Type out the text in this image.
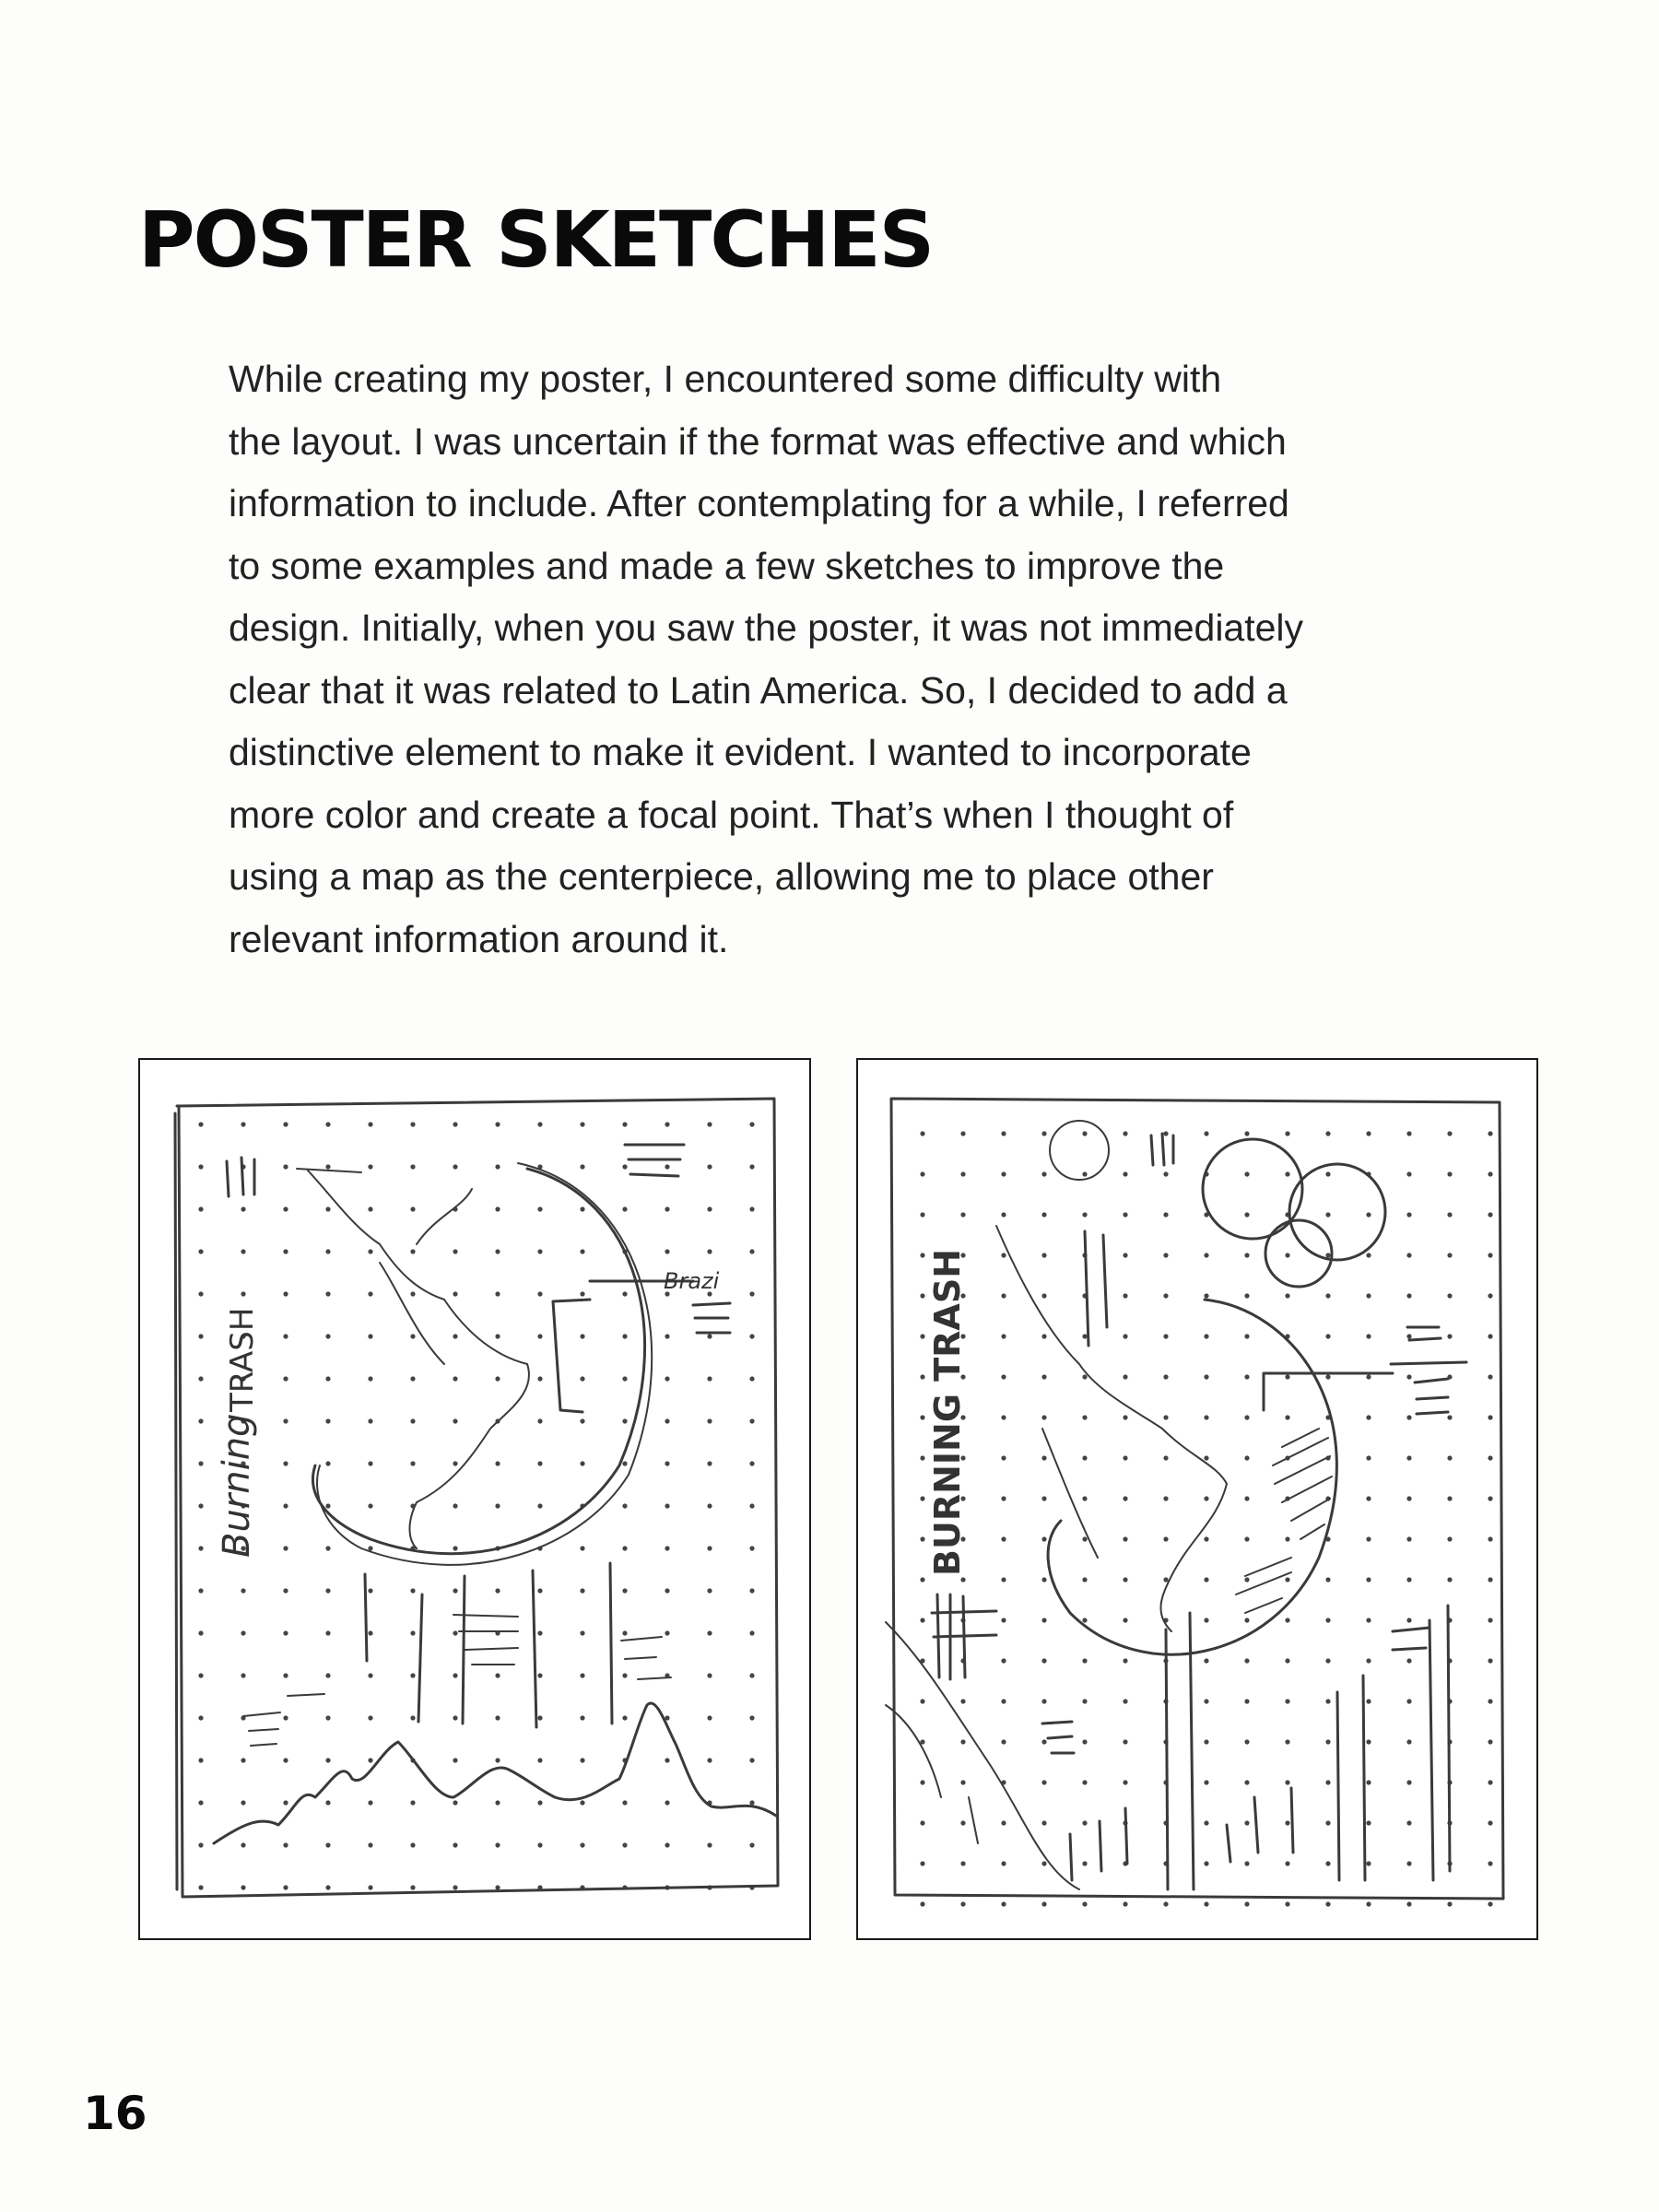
POSTER SKETCHES
While creating my poster, I encountered some difficulty with
the layout. I was uncertain if the format was effective and which
information to include. After contemplating for a while, I referred
to some examples and made a few sketches to improve the
design. Initially, when you saw the poster, it was not immediately
clear that it was related to Latin America. So, I decided to add a
distinctive element to make it evident. I wanted to incorporate
more color and create a focal point. That’s when I thought of
using a map as the centerpiece, allowing me to place other
relevant information around it.
Burning
TRASH
Brazi	BURNING TRASH
16
